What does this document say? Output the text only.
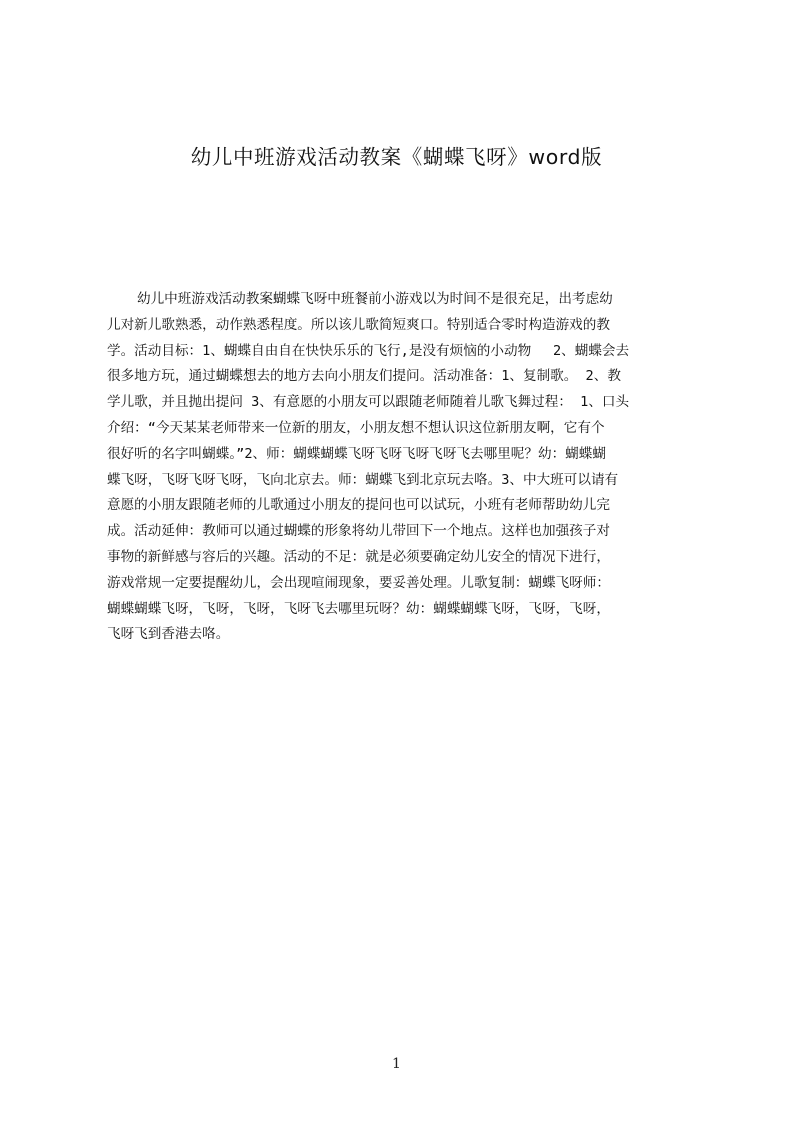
幼儿中班游戏活动教案《蝴蝶飞呀》word版
幼儿中班游戏活动教案蝴蝶飞呀中班餐前小游戏以为时间不是很充足，出考虑幼
儿对新儿歌熟悉，动作熟悉程度。所以该儿歌简短爽口。特别适合零时构造游戏的教
学。活动目标：1、蝴蝶自由自在快快乐乐的飞行,是没有烦恼的小动物　 2、蝴蝶会去
很多地方玩，通过蝴蝶想去的地方去向小朋友们提问。活动准备：1、复制歌。 2、教
学儿歌，并且抛出提问 3、有意愿的小朋友可以跟随老师随着儿歌飞舞过程： 1、口头
介绍：“今天某某老师带来一位新的朋友，小朋友想不想认识这位新朋友啊，它有个
很好听的名字叫蝴蝶。”2、师：蝴蝶蝴蝶飞呀飞呀飞呀飞呀飞去哪里呢？幼：蝴蝶蝴
蝶飞呀，飞呀飞呀飞呀，飞向北京去。师：蝴蝶飞到北京玩去咯。3、中大班可以请有
意愿的小朋友跟随老师的儿歌通过小朋友的提问也可以试玩，小班有老师帮助幼儿完
成。活动延伸：教师可以通过蝴蝶的形象将幼儿带回下一个地点。这样也加强孩子对
事物的新鲜感与容后的兴趣。活动的不足：就是必须要确定幼儿安全的情况下进行，
游戏常规一定要提醒幼儿，会出现喧闹现象，要妥善处理。儿歌复制：蝴蝶飞呀师：
蝴蝶蝴蝶飞呀，飞呀，飞呀，飞呀飞去哪里玩呀？幼：蝴蝶蝴蝶飞呀，飞呀，飞呀，
飞呀飞到香港去咯。
1
